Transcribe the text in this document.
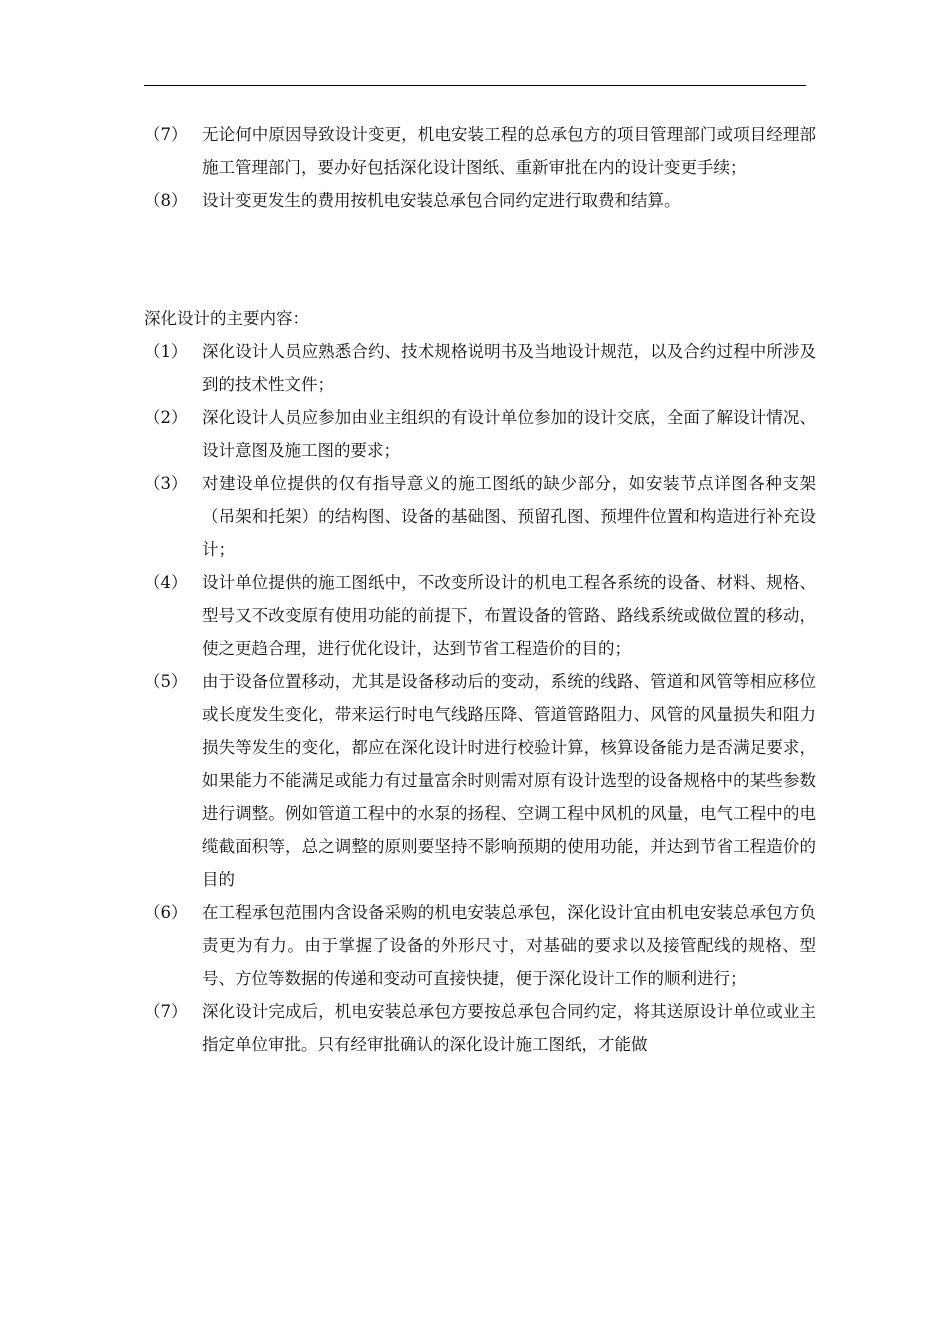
（7） 无论何中原因导致设计变更，机电安装工程的总承包方的项目管理部门或项目经理部施工管理部门，要办好包括深化设计图纸、重新审批在内的设计变更手续；
（8） 设计变更发生的费用按机电安装总承包合同约定进行取费和结算。
深化设计的主要内容：
（1） 深化设计人员应熟悉合约、技术规格说明书及当地设计规范，以及合约过程中所涉及到的技术性文件；
（2） 深化设计人员应参加由业主组织的有设计单位参加的设计交底，全面了解设计情况、设计意图及施工图的要求；
（3） 对建设单位提供的仅有指导意义的施工图纸的缺少部分，如安装节点详图各种支架（吊架和托架）的结构图、设备的基础图、预留孔图、预埋件位置和构造进行补充设计；
（4） 设计单位提供的施工图纸中，不改变所设计的机电工程各系统的设备、材料、规格、型号又不改变原有使用功能的前提下，布置设备的管路、路线系统或做位置的移动，使之更趋合理，进行优化设计，达到节省工程造价的目的；
（5） 由于设备位置移动，尤其是设备移动后的变动，系统的线路、管道和风管等相应移位或长度发生变化，带来运行时电气线路压降、管道管路阻力、风管的风量损失和阻力损失等发生的变化，都应在深化设计时进行校验计算，核算设备能力是否满足要求，如果能力不能满足或能力有过量富余时则需对原有设计选型的设备规格中的某些参数进行调整。例如管道工程中的水泵的扬程、空调工程中风机的风量，电气工程中的电缆截面积等，总之调整的原则要坚持不影响预期的使用功能，并达到节省工程造价的目的
（6） 在工程承包范围内含设备采购的机电安装总承包，深化设计宜由机电安装总承包方负责更为有力。由于掌握了设备的外形尺寸，对基础的要求以及接管配线的规格、型号、方位等数据的传递和变动可直接快捷，便于深化设计工作的顺利进行；
（7） 深化设计完成后，机电安装总承包方要按总承包合同约定，将其送原设计单位或业主指定单位审批。只有经审批确认的深化设计施工图纸，才能做
